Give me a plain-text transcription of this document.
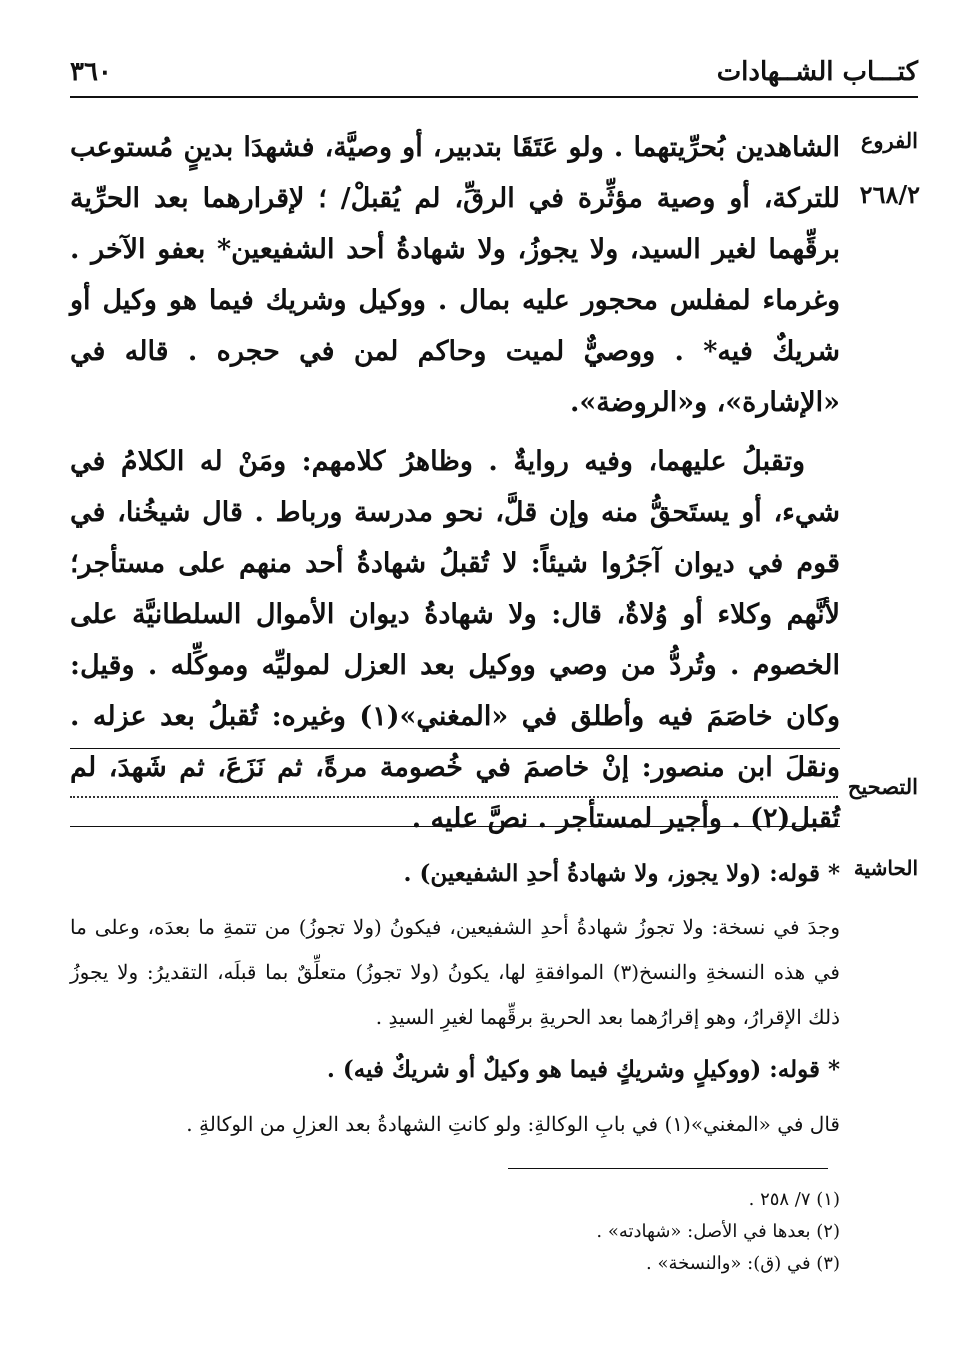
كتـــاب الشــهادات
٣٦٠
الفروع
٢٦٨/٢

الشاهدين بُحرِّيتهما . ولو عَتَقَا بتدبير، أو وصيَّة، فشهدَا بدينٍ مُستوعب للتركة، أو وصية مؤثِّرة في الرقِّ، لم يُقبلْ/ ؛ لإقرارهما بعد الحرِّية برقِّهما لغير السيد، ولا يجوزُ، ولا شهادةُ أحد الشفيعين* بعفو الآخر . وغرماء لمفلس محجور عليه بمال . ووكيل وشريك فيما هو وكيل أو شريكٌ فيه* . ووصيٌّ لميت وحاكم لمن في حجره . قاله في «الإشارة»، و«الروضة».

وتقبلُ عليهما، وفيه روايةٌ . وظاهرُ كلامهم: ومَنْ له الكلامُ في شيء، أو يستَحقُّ منه وإن قلَّ، نحو مدرسة ورباط . قال شيخُنا، في قوم في ديوان آجَرُوا شيئاً: لا تُقبلُ شهادةُ أحد منهم على مستأجر؛ لأنَّهم وكلاء أو وُلاةٌ، قال: ولا شهادةُ ديوان الأموال السلطانيَّة على الخصوم . وتُردُّ من وصي ووكيل بعد العزل لموليِّه وموكِّله . وقيل: وكان خاصَمَ فيه وأطلق في «المغني»(١) وغيره: تُقبلُ بعد عزله . ونقلَ ابن منصور: إنْ خاصمَ في خُصومة مرةً، ثم نَزَعَ، ثم شَهدَ، لم تُقبل(٢) . وأجير لمستأجر . نصَّ عليه .

التصحيح
الحاشية
* قوله: (ولا يجوز، ولا شهادةُ أحدِ الشفيعين) .
وجدَ في نسخة: ولا تجوزُ شهادةُ أحدِ الشفيعين، فيكونُ (ولا تجوزُ) من تتمةِ ما بعدَه، وعلى ما في هذه النسخةِ والنسخ(٣) الموافقةِ لها، يكونُ (ولا تجوزُ) متعلِّقٌ بما قبلَه، التقديرُ: ولا يجوزُ ذلك الإقرارُ، وهو إقرارُهما بعد الحريةِ برقِّهما لغيرِ السيدِ .
* قوله: (ووكيلٍ وشريكٍ فيما هو وكيلٌ أو شريكٌ فيه) .
قال في «المغني»(١) في بابِ الوكالةِ: ولو كانتِ الشهادةُ بعد العزلِ من الوكالةِ .

(١) ٧/ ٢٥٨ .

(٢) بعدها في الأصل: «شهادته» .

(٣) في (ق): «والنسخة» .
